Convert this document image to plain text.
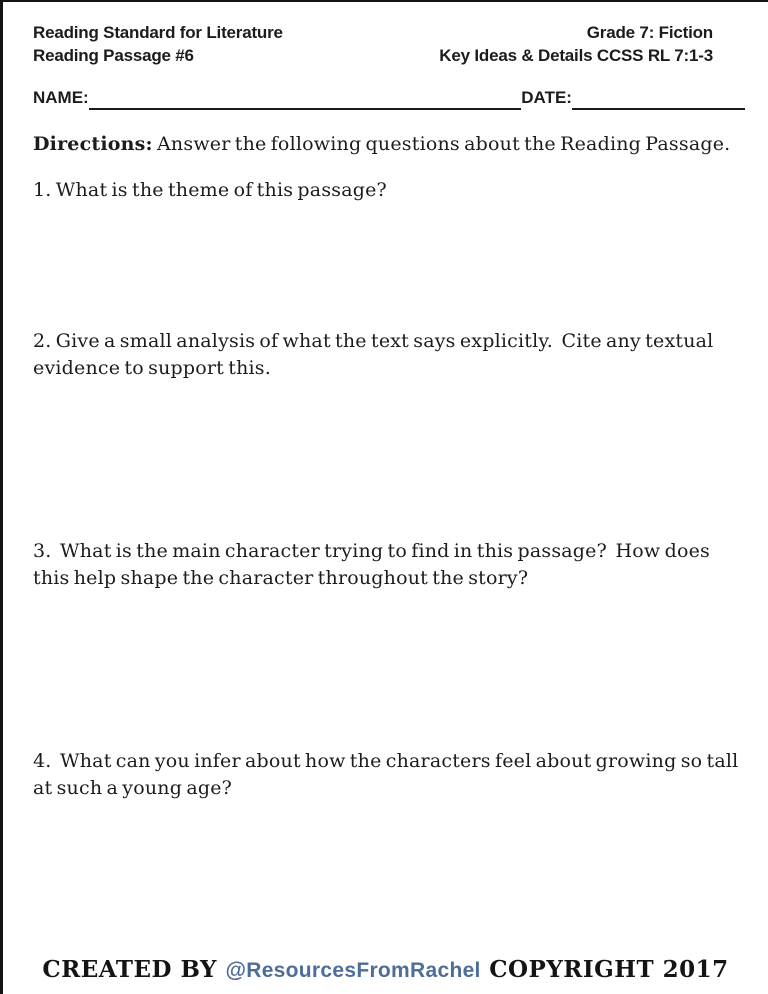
Reading Standard for Literature
Reading Passage #6
Grade 7: Fiction
Key Ideas & Details CCSS RL 7:1-3
NAME:	DATE:
Directions: Answer the following questions about the Reading Passage.
1. What is the theme of this passage?
2. Give a small analysis of what the text says explicitly.  Cite any textual evidence to support this.
3.  What is the main character trying to find in this passage?  How does this help shape the character throughout the story?
4.  What can you infer about how the characters feel about growing so tall at such a young age?
CREATED BY @ResourcesFromRachel COPYRIGHT 2017
